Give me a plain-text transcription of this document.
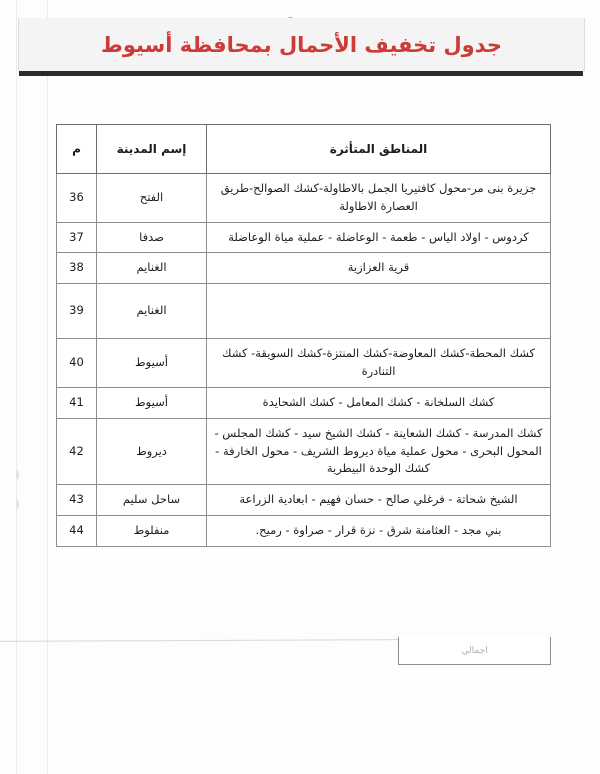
جدول تخفيف الأحمال بمحافظة أسيوط
المناطق المتأثرة	إسم المدينة	م
جزيرة بنى مر-محول كافتيريا الجمل بالاطاولة-كشك الصوالح-طريق العصارة الاطاولة	الفتح	36
كردوس - اولاد الياس - طعمة - الوعاضلة - عملية مياة الوعاضلة	صدفا	37
قرية العزازية	الغنايم	38
	الغنايم	39
كشك المحطة-كشك المعاوضة-كشك المنتزة-كشك السويقة- كشك التنادرة	أسيوط	40
كشك السلخانة - كشك المعامل - كشك الشحايدة	أسيوط	41
كشك المدرسة - كشك الشعاينة - كشك الشيخ سيد - كشك المجلس - المحول البحرى - محول عملية مياة ديروط الشريف - محول الخارفة - كشك الوحدة البيطرية	ديروط	42
الشيخ شحاتة - فرغلي صالح - حسان فهيم - ابعادية الزراعة	ساحل سليم	43
بني مجد - العثامنة شرق - نزة قرار - صراوة - رميح.	منفلوط	44
اجمالي
